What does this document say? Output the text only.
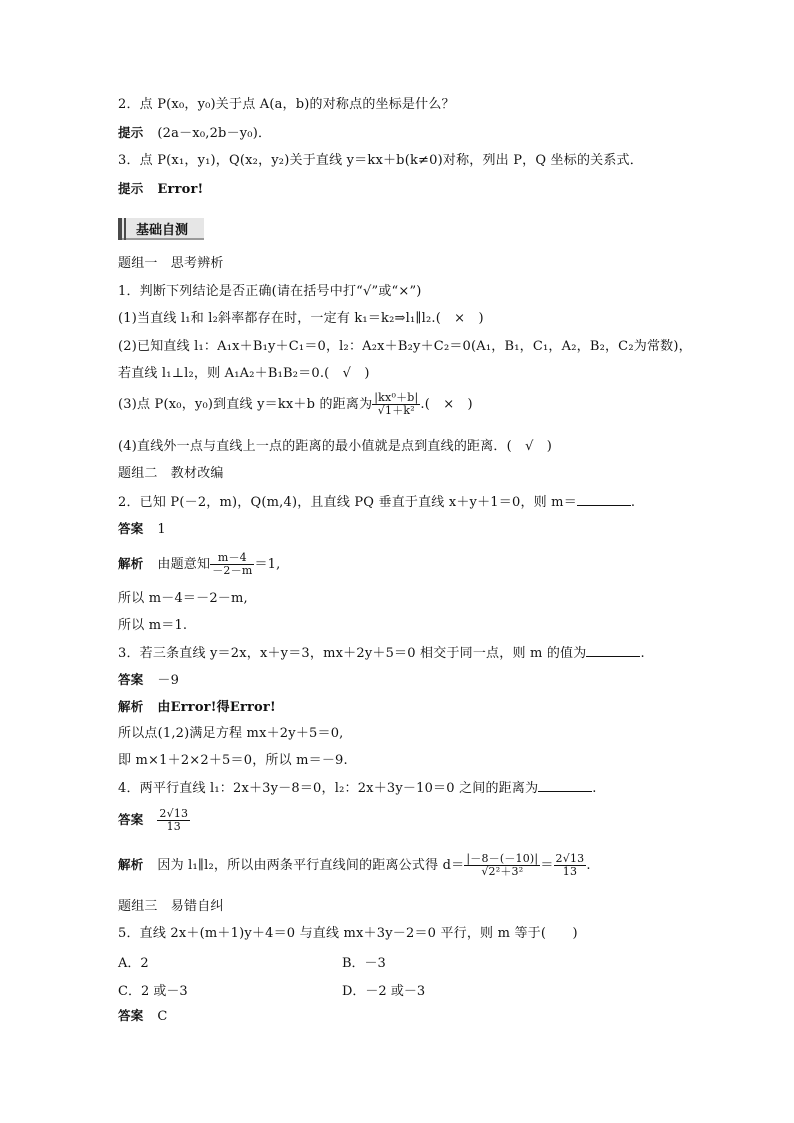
2．点 P(x₀，y₀)关于点 A(a，b)的对称点的坐标是什么？
提示 (2a－x₀,2b－y₀)．
3．点 P(x₁，y₁)，Q(x₂，y₂)关于直线 y＝kx＋b(k≠0)对称，列出 P，Q 坐标的关系式．
提示 Error!
基础自测
题组一　思考辨析
1．判断下列结论是否正确(请在括号中打“√”或“×”)
(1)当直线 l₁和 l₂斜率都存在时，一定有 k₁＝k₂⇒l₁∥l₂.(　×　)
(2)已知直线 l₁：A₁x＋B₁y＋C₁＝0，l₂：A₂x＋B₂y＋C₂＝0(A₁，B₁，C₁，A₂，B₂，C₂为常数)，
若直线 l₁⊥l₂，则 A₁A₂＋B₁B₂＝0.(　√　)
(3)点 P(x₀，y₀)到直线 y＝kx＋b 的距离为 $\frac{\text{|kx⁰＋b|}}{\text{√1＋k²}}$ .(　×　)
(4)直线外一点与直线上一点的距离的最小值就是点到直线的距离．(　√　)
题组二　教材改编
2．已知 P(－2，m)，Q(m,4)，且直线 PQ 垂直于直线 x＋y＋1＝0，则 m＝	.
答案 1
解析 由题意知 $\frac{m-4}{-2-m} =1$,
所以 m－4＝－2－m,
所以 m＝1.
3．若三条直线 y＝2x，x＋y＝3，mx＋2y＋5＝0 相交于同一点，则 m 的值为	.
答案 －9
解析 由Error!得Error!
所以点(1,2)满足方程 mx＋2y＋5＝0,
即 m×1＋2×2＋5＝0，所以 m＝－9.
4．两平行直线 l₁：2x＋3y－8＝0，l₂：2x＋3y－10＝0 之间的距离为	.
答案 $\frac{2√13}{13}$
解析 因为 l₁∥l₂，所以由两条平行直线间的距离公式得 $d= \frac{|-8-(-10)|}{\text{√2²＋3²}} = \frac{2√13}{13}$ .
题组三　易错自纠
5．直线 2x＋(m＋1)y＋4＝0 与直线 mx＋3y－2＝0 平行，则 m 等于(　　)
A．2	B．－3
C．2 或－3	D．－2 或－3
答案 C
